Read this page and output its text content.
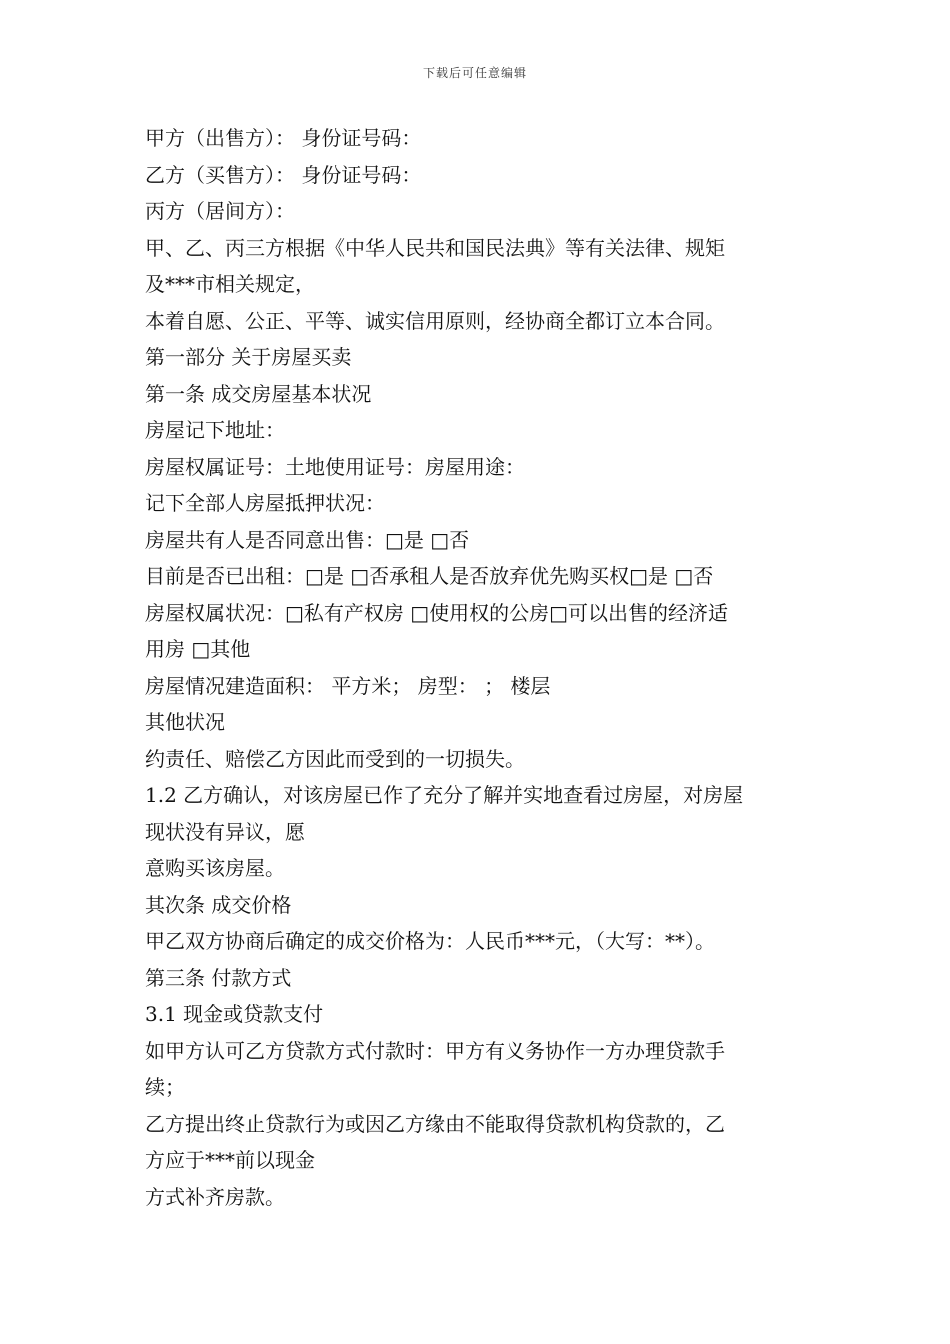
下载后可任意编辑
甲方（出售方）： 身份证号码：
乙方（买售方）： 身份证号码：
丙方（居间方）：
甲、乙、丙三方根据《中华人民共和国民法典》等有关法律、规矩
及***市相关规定，
本着自愿、公正、平等、诚实信用原则，经协商全都订立本合同。
第一部分 关于房屋买卖
第一条 成交房屋基本状况
房屋记下地址：
房屋权属证号：土地使用证号：房屋用途：
记下全部人房屋抵押状况：
房屋共有人是否同意出售：□是 □否
目前是否已出租：□是 □否承租人是否放弃优先购买权□是 □否
房屋权属状况：□私有产权房 □使用权的公房□可以出售的经济适
用房 □其他
房屋情况建造面积： 平方米； 房型： ； 楼层
其他状况
约责任、赔偿乙方因此而受到的一切损失。
1.2 乙方确认，对该房屋已作了充分了解并实地查看过房屋，对房屋
现状没有异议，愿
意购买该房屋。
其次条 成交价格
甲乙双方协商后确定的成交价格为：人民币***元，（大写：**）。
第三条 付款方式
3.1 现金或贷款支付
如甲方认可乙方贷款方式付款时：甲方有义务协作一方办理贷款手
续；
乙方提出终止贷款行为或因乙方缘由不能取得贷款机构贷款的，乙
方应于***前以现金
方式补齐房款。
